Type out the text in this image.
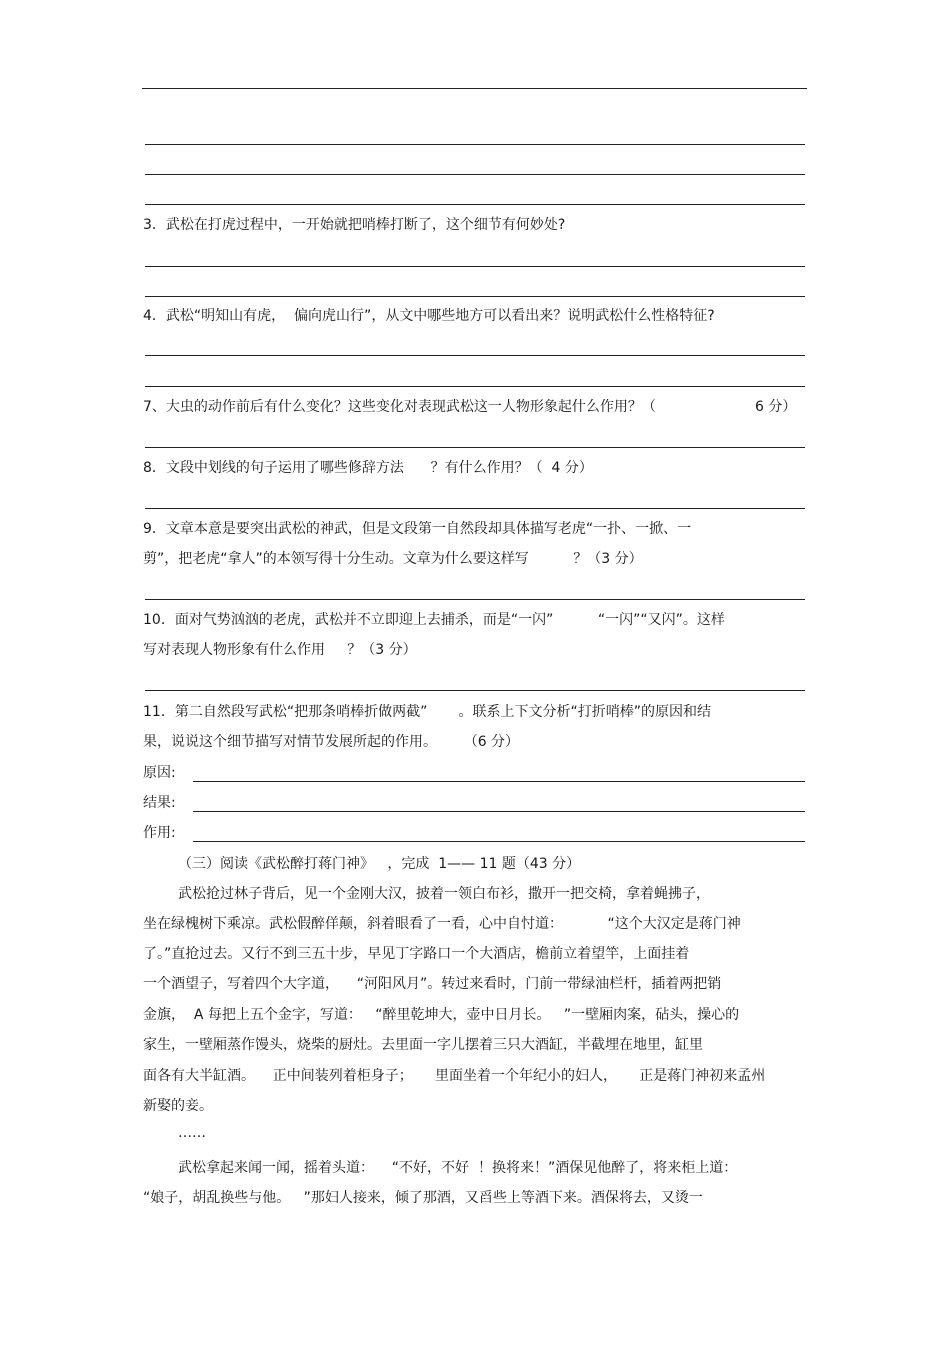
3．武松在打虎过程中，一开始就把哨棒打断了，这个细节有何妙处?
4．武松“明知山有虎，  偏向虎山行”，从文中哪些地方可以看出来？说明武松什么性格特征?
7、大虫的动作前后有什么变化？这些变化对表现武松这一人物形象起什么作用？（	6 分）
8．文段中划线的句子运用了哪些修辞方法      ？有什么作用？（  4 分）
9．文章本意是要突出武松的神武，但是文段第一自然段却具体描写老虎“一扑、一掀、一
剪”，把老虎“拿人”的本领写得十分生动。文章为什么要这样写          ？（3 分）
10．面对气势汹汹的老虎，武松并不立即迎上去捕杀，而是“一闪”          “一闪”“又闪”。这样
写对表现人物形象有什么作用     ？（3 分）
11．第二自然段写武松“把那条哨棒折做两截”       。联系上下文分析“打折哨棒”的原因和结
果，说说这个细节描写对情节发展所起的作用。      （6 分）
原因:
结果:
作用:
（三）阅读《武松醉打蒋门神》   ，完成  1—— 11 题（43 分）
武松抢过林子背后，见一个金刚大汉，披着一领白布衫，撒开一把交椅，拿着蝇拂子，
坐在绿槐树下乘凉。武松假醉佯颠，斜着眼看了一看，心中自忖道：          “这个大汉定是蒋门神
了。”直抢过去。又行不到三五十步，早见丁字路口一个大酒店，檐前立着望竿，上面挂着
一个酒望子，写着四个大字道，    “河阳风月”。转过来看时，门前一带绿油栏杆，插着两把销
金旗，  A 每把上五个金字，写道：   “醉里乾坤大，壶中日月长。   ”一壁厢肉案，砧头，操心的
家生，一壁厢蒸作馒头，烧柴的厨灶。去里面一字儿摆着三只大酒缸，半截埋在地里，缸里
面各有大半缸酒。    正中间装列着柜身子；     里面坐着一个年纪小的妇人，     正是蒋门神初来孟州
新娶的妾。
……
武松拿起来闻一闻，摇着头道：    “不好，不好  ！换将来！”酒保见他醉了，将来柜上道：
“娘子，胡乱换些与他。   ”那妇人接来，倾了那酒，又舀些上等酒下来。酒保将去，又烫一
